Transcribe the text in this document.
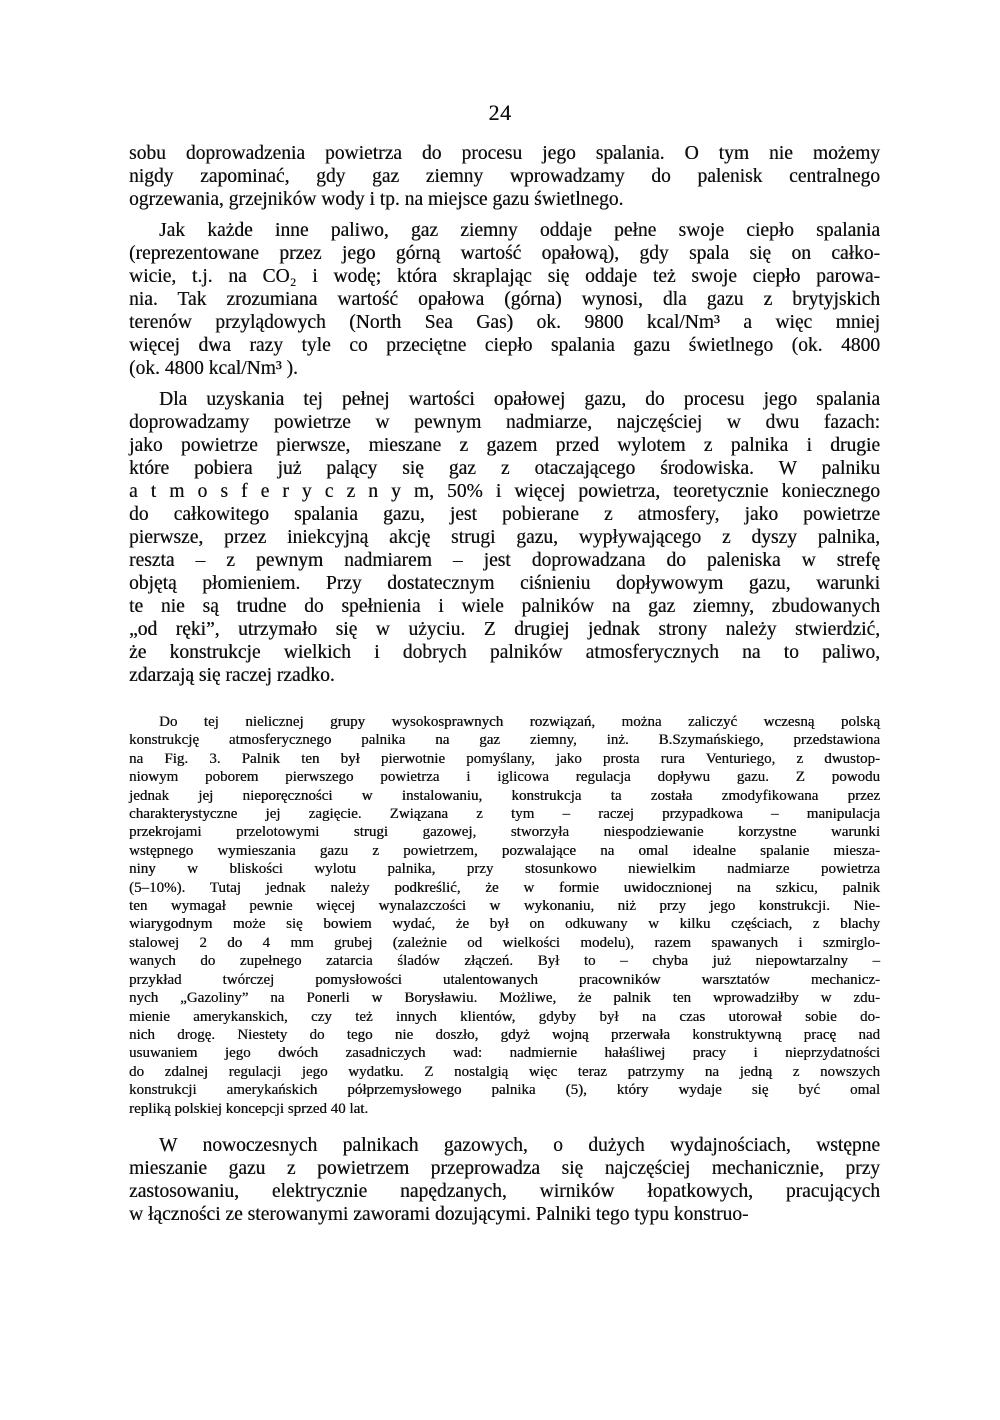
24
sobu doprowadzenia powietrza do procesu jego spalania. O tym nie możemy
nigdy zapominać, gdy gaz ziemny wprowadzamy do palenisk centralnego
ogrzewania, grzejników wody i tp. na miejsce gazu świetlnego.
Jak każde inne paliwo, gaz ziemny oddaje pełne swoje ciepło spalania
(reprezentowane przez jego górną wartość opałową), gdy spala się on całko-
wicie, t.j. na CO₂ i wodę; która skraplając się oddaje też swoje ciepło parowa-
nia. Tak zrozumiana wartość opałowa (górna) wynosi, dla gazu z brytyjskich
terenów przylądowych (North Sea Gas) ok. 9800 kcal/Nm³ a więc mniej
więcej dwa razy tyle co przeciętne ciepło spalania gazu świetlnego (ok. 4800
(ok. 4800 kcal/Nm³ ).
Dla uzyskania tej pełnej wartości opałowej gazu, do procesu jego spalania
doprowadzamy powietrze w pewnym nadmiarze, najczęściej w dwu fazach:
jako powietrze pierwsze, mieszane z gazem przed wylotem z palnika i drugie
które pobiera już palący się gaz z otaczającego środowiska. W palniku
a t m o s f e r y c z n y m, 50% i więcej powietrza, teoretycznie koniecznego
do całkowitego spalania gazu, jest pobierane z atmosfery, jako powietrze
pierwsze, przez iniekcyjną akcję strugi gazu, wypływającego z dyszy palnika,
reszta – z pewnym nadmiarem – jest doprowadzana do paleniska w strefę
objętą płomieniem. Przy dostatecznym ciśnieniu dopływowym gazu, warunki
te nie są trudne do spełnienia i wiele palników na gaz ziemny, zbudowanych
„od ręki”, utrzymało się w użyciu. Z drugiej jednak strony należy stwierdzić,
że konstrukcje wielkich i dobrych palników atmosferycznych na to paliwo,
zdarzają się raczej rzadko.
Do tej nielicznej grupy wysokosprawnych rozwiązań, można zaliczyć wczesną polską
konstrukcję atmosferycznego palnika na gaz ziemny, inż. B.Szymańskiego, przedstawiona
na Fig. 3. Palnik ten był pierwotnie pomyślany, jako prosta rura Venturiego, z dwustop-
niowym poborem pierwszego powietrza i iglicowa regulacja dopływu gazu. Z powodu
jednak jej nieporęczności w instalowaniu, konstrukcja ta została zmodyfikowana przez
charakterystyczne jej zagięcie. Związana z tym – raczej przypadkowa – manipulacja
przekrojami przelotowymi strugi gazowej, stworzyła niespodziewanie korzystne warunki
wstępnego wymieszania gazu z powietrzem, pozwalające na omal idealne spalanie miesza-
niny w bliskości wylotu palnika, przy stosunkowo niewielkim nadmiarze powietrza
(5–10%). Tutaj jednak należy podkreślić, że w formie uwidocznionej na szkicu, palnik
ten wymagał pewnie więcej wynalazczości w wykonaniu, niż przy jego konstrukcji. Nie-
wiarygodnym może się bowiem wydać, że był on odkuwany w kilku częściach, z blachy
stalowej 2 do 4 mm grubej (zależnie od wielkości modelu), razem spawanych i szmirglo-
wanych do zupełnego zatarcia śladów złączeń. Był to – chyba już niepowtarzalny –
przykład twórczej pomysłowości utalentowanych pracowników warsztatów mechanicz-
nych „Gazoliny” na Ponerli w Borysławiu. Możliwe, że palnik ten wprowadziłby w zdu-
mienie amerykanskich, czy też innych klientów, gdyby był na czas utorował sobie do-
nich drogę. Niestety do tego nie doszło, gdyż wojną przerwała konstruktywną pracę nad
usuwaniem jego dwóch zasadniczych wad: nadmiernie hałaśliwej pracy i nieprzydatności
do zdalnej regulacji jego wydatku. Z nostalgią więc teraz patrzymy na jedną z nowszych
konstrukcji amerykańskich półprzemysłowego palnika (5), który wydaje się być omal
repliką polskiej koncepcji sprzed 40 lat.
W nowoczesnych palnikach gazowych, o dużych wydajnościach, wstępne
mieszanie gazu z powietrzem przeprowadza się najczęściej mechanicznie, przy
zastosowaniu, elektrycznie napędzanych, wirników łopatkowych, pracujących
w łączności ze sterowanymi zaworami dozującymi. Palniki tego typu konstruo-
